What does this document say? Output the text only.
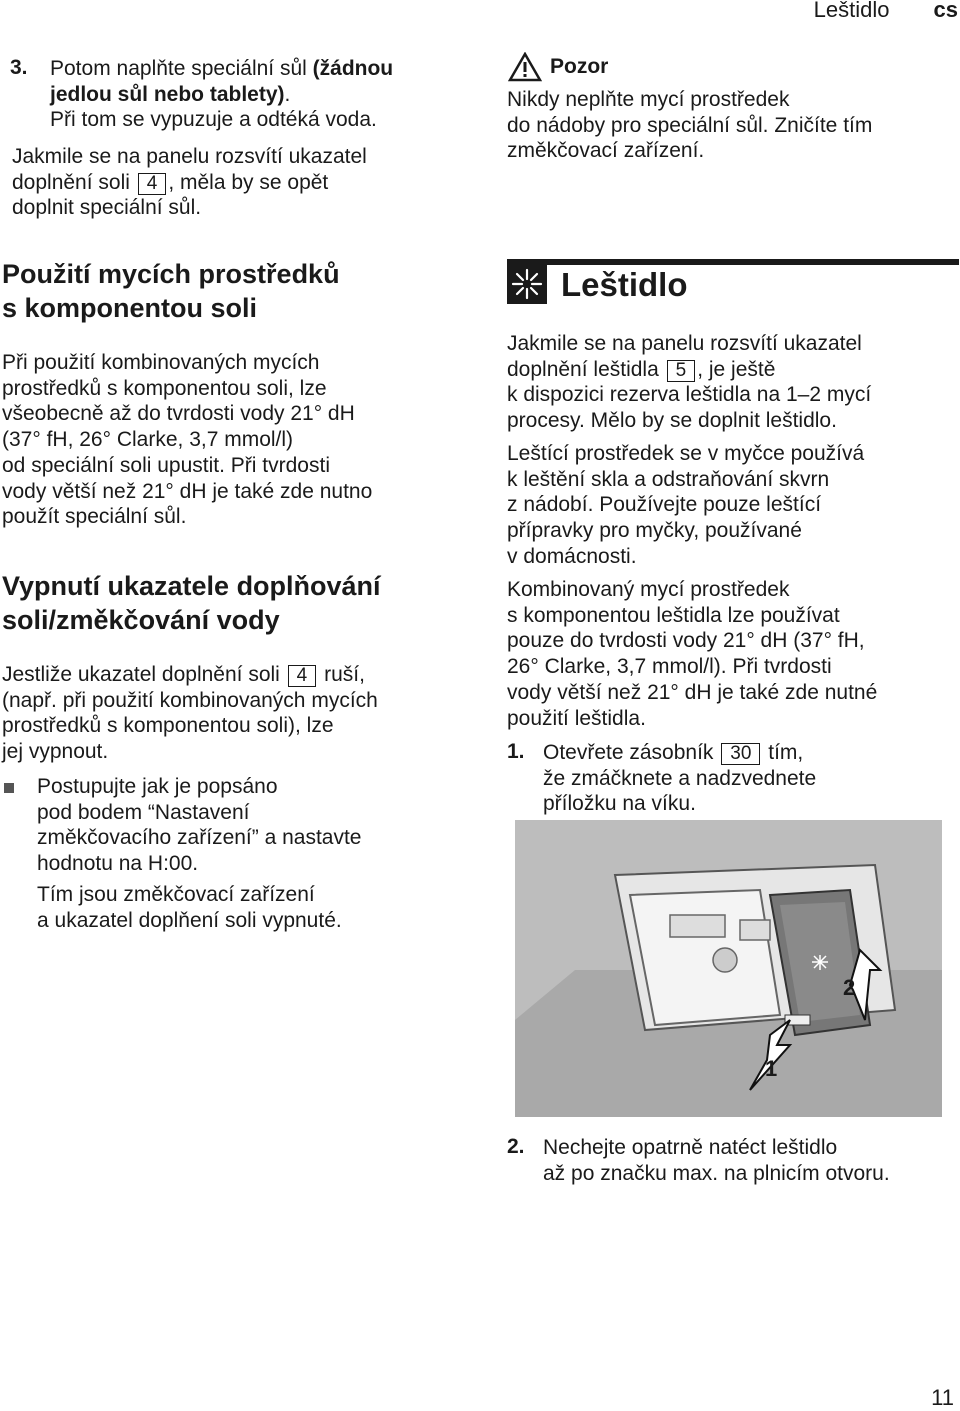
Leštidlo cs
3. Potom naplňte speciální sůl (žádnou
jedlou sůl nebo tablety).
Při tom se vypuzuje a odtéká voda.

Jakmile se na panelu rozsvítí ukazatel
doplnění soli 4 , měla by se opět
doplnit speciální sůl.

Použití mycích prostředků
s komponentou soli

Při použití kombinovaných mycích
prostředků s komponentou soli, lze
všeobecně až do tvrdosti vody 21° dH
(37° fH, 26° Clarke, 3,7 mmol/l)
od speciální soli upustit. Při tvrdosti
vody větší než 21° dH je také zde nutno
použít speciální sůl.

Vypnutí ukazatele doplňování
soli/změkčování vody

Jestliže ukazatel doplnění soli 4 ruší,
(např. při použití kombinovaných mycích
prostředků s komponentou soli), lze
jej vypnout.

Postupujte jak je popsáno
pod bodem “Nastavení
změkčovacího zařízení” a nastavte
hodnotu na H:00.
Tím jsou změkčovací zařízení
a ukazatel doplňení soli vypnuté.

Pozor

Nikdy neplňte mycí prostředek
do nádoby pro speciální sůl. Zničíte tím
změkčovací zařízení.

Leštidlo

Jakmile se na panelu rozsvítí ukazatel
doplnění leštidla 5 , je ještě
k dispozici rezerva leštidla na 1–2 mycí
procesy. Mělo by se doplnit leštidlo.

Leštící prostředek se v myčce používá
k leštění skla a odstraňování skvrn
z nádobí. Používejte pouze leštící
přípravky pro myčky, používané
v domácnosti.

Kombinovaný mycí prostředek
s komponentou leštidla lze používat
pouze do tvrdosti vody 21° dH (37° fH,
26° Clarke, 3,7 mmol/l). Při tvrdosti
vody větší než 21° dH je také zde nutné
použití leštidla.

1. Otevřete zásobník 30 tím,
že zmáčknete a nadzvednete
příložku na víku.

1
2
2. Nechejte opatrně natéct leštidlo
až po značku max. na plnicím otvoru.

11
